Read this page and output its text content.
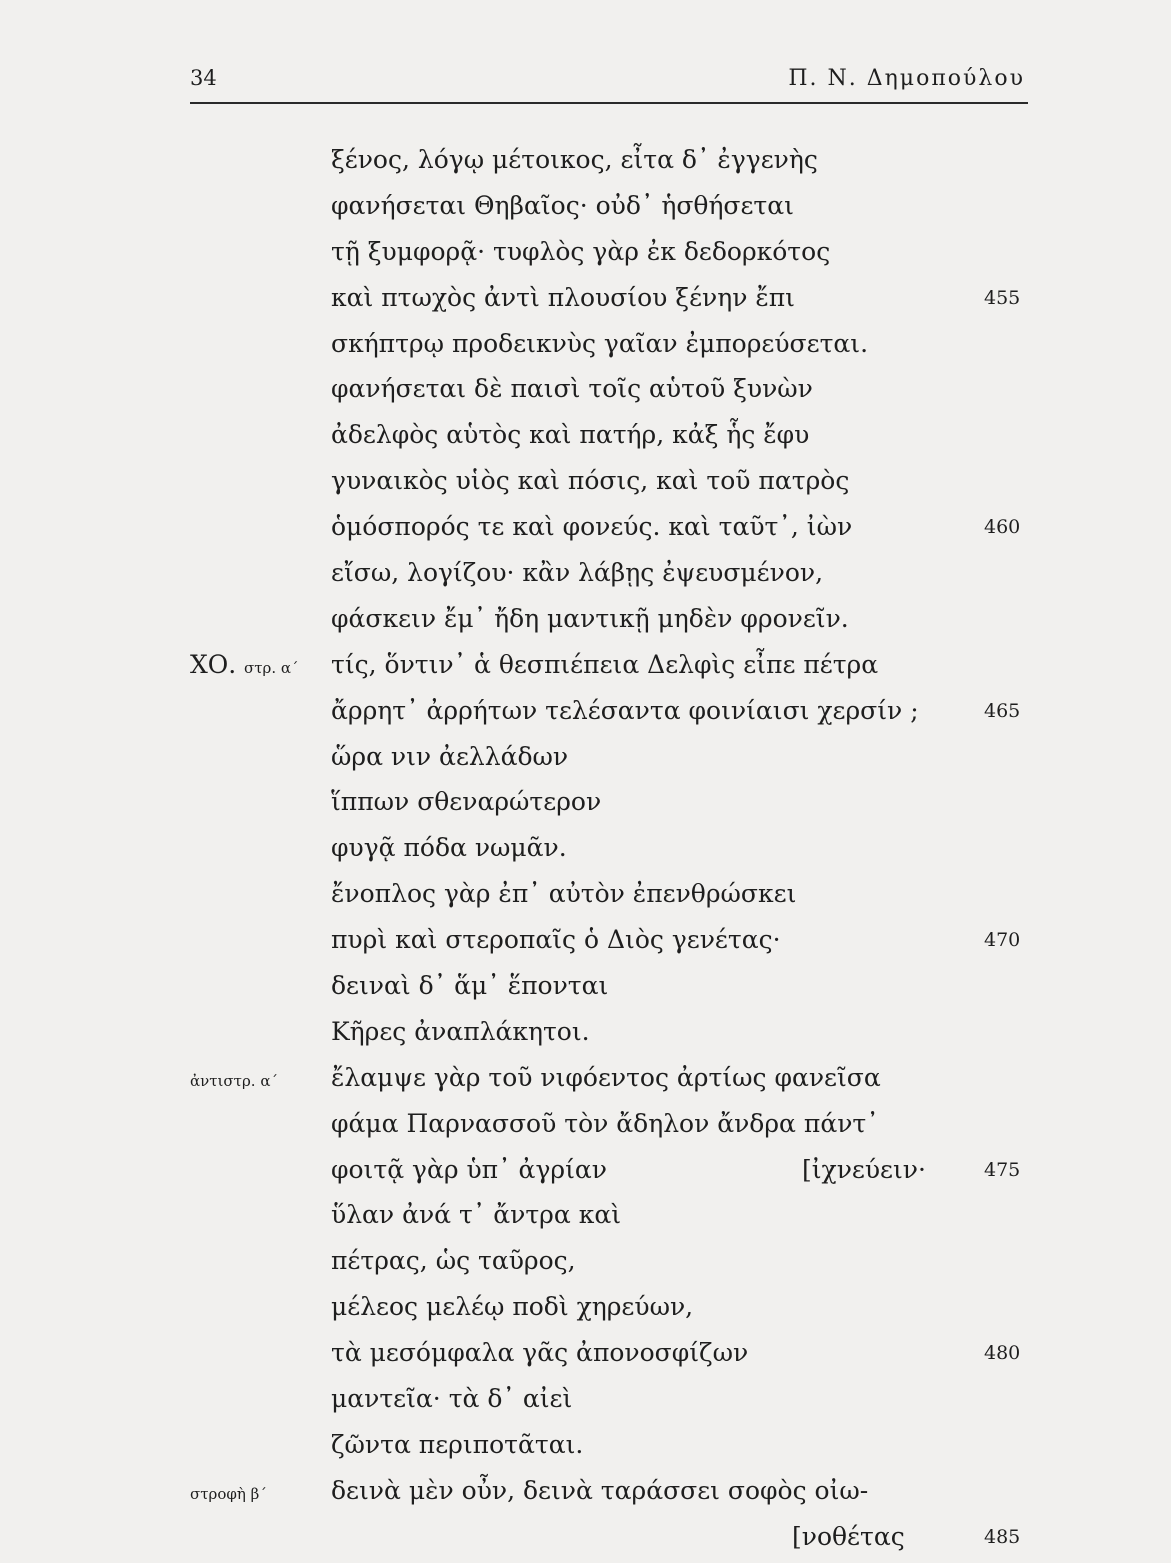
34	Π. Ν. Δημοπούλου
ξένος, λόγῳ μέτοικος, εἶτα δ᾽ ἐγγενὴς
φανήσεται Θηβαῖος· οὐδ᾽ ἡσθήσεται
τῇ ξυμφορᾷ· τυφλὸς γὰρ ἐκ δεδορκότος
καὶ πτωχὸς ἀντὶ πλουσίου ξένην ἔπι	455
σκήπτρῳ προδεικνὺς γαῖαν ἐμπορεύσεται.
φανήσεται δὲ παισὶ τοῖς αὑτοῦ ξυνὼν
ἀδελφὸς αὑτὸς καὶ πατήρ, κἀξ ἧς ἔφυ
γυναικὸς υἱὸς καὶ πόσις, καὶ τοῦ πατρὸς
ὁμόσπορός τε καὶ φονεύς. καὶ ταῦτ᾽, ἰὼν	460
εἴσω, λογίζου· κἂν λάβῃς ἐψευσμένον,
φάσκειν ἔμ᾽ ἤδη μαντικῇ μηδὲν φρονεῖν.
ΧΟ. στρ. α΄ τίς, ὅντιν᾽ ἁ θεσπιέπεια Δελφὶς εἶπε πέτρα
ἄρρητ᾽ ἀρρήτων τελέσαντα φοινίαισι χερσίν ;	465
ὥρα νιν ἀελλάδων
ἵππων σθεναρώτερον
φυγᾷ πόδα νωμᾶν.
ἔνοπλος γὰρ ἐπ᾽ αὐτὸν ἐπενθρώσκει
πυρὶ καὶ στεροπαῖς ὁ Διὸς γενέτας·	470
δειναὶ δ᾽ ἅμ᾽ ἕπονται
Κῆρες ἀναπλάκητοι.
ἀντιστρ. α΄ ἔλαμψε γὰρ τοῦ νιφόεντος ἀρτίως φανεῖσα
φάμα Παρνασσοῦ τὸν ἄδηλον ἄνδρα πάντ᾽
φοιτᾷ γὰρ ὑπ᾽ ἀγρίαν	[ἰχνεύειν·	475
ὕλαν ἀνά τ᾽ ἄντρα καὶ
πέτρας, ὡς ταῦρος,
μέλεος μελέῳ ποδὶ χηρεύων,
τὰ μεσόμφαλα γᾶς ἀπονοσφίζων	480
μαντεῖα· τὰ δ᾽ αἰεὶ
ζῶντα περιποτᾶται.
στροφὴ β΄	δεινὰ μὲν οὖν, δεινὰ ταράσσει σοφὸς οἰω-
[νοθέτας	485
